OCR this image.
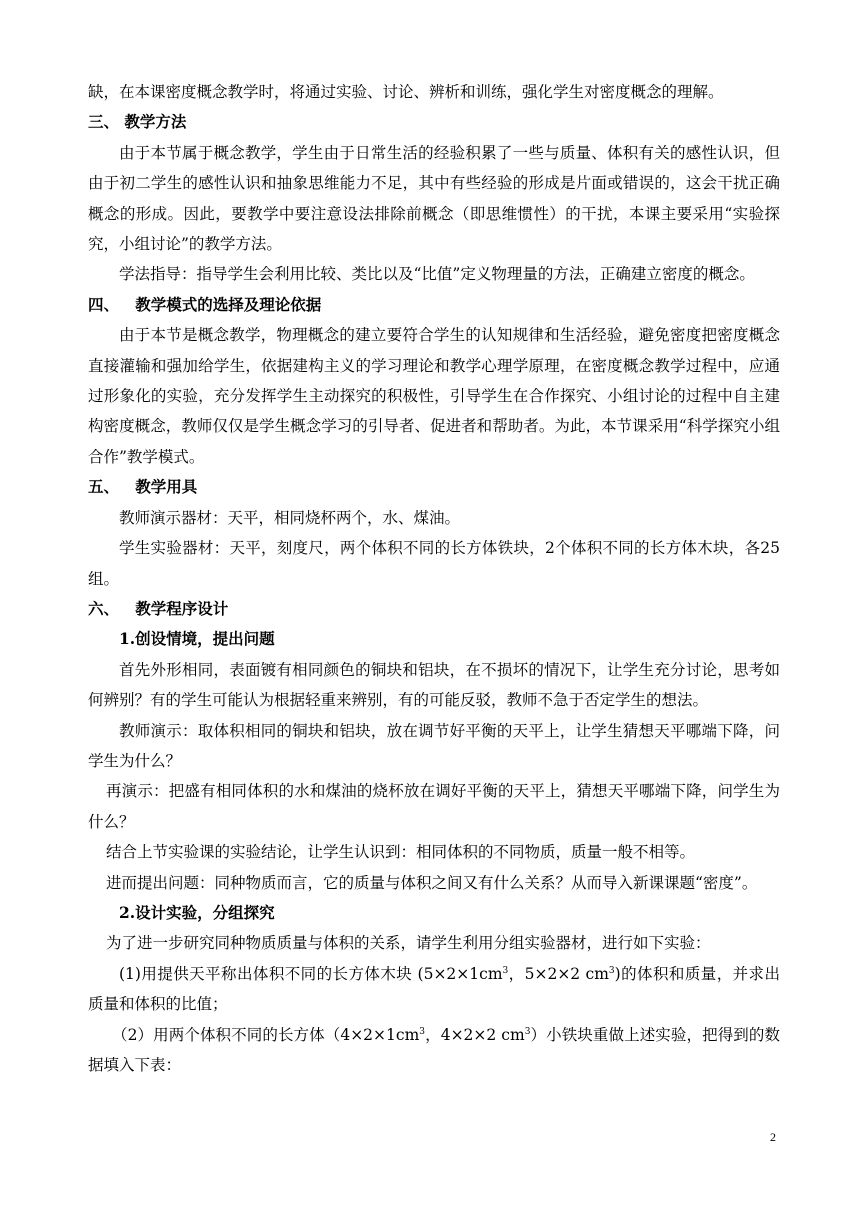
缺，在本课密度概念教学时，将通过实验、讨论、辨析和训练，强化学生对密度概念的理解。

三、 教学方法

由于本节属于概念教学，学生由于日常生活的经验积累了一些与质量、体积有关的感性认识，但由于初二学生的感性认识和抽象思维能力不足，其中有些经验的形成是片面或错误的，这会干扰正确概念的形成。因此，要教学中要注意设法排除前概念（即思维惯性）的干扰，本课主要采用“实验探究，小组讨论”的教学方法。

学法指导：指导学生会利用比较、类比以及“比值”定义物理量的方法，正确建立密度的概念。

四、   教学模式的选择及理论依据

由于本节是概念教学，物理概念的建立要符合学生的认知规律和生活经验，避免密度把密度概念直接灌输和强加给学生，依据建构主义的学习理论和教学心理学原理，在密度概念教学过程中，应通过形象化的实验，充分发挥学生主动探究的积极性，引导学生在合作探究、小组讨论的过程中自主建构密度概念，教师仅仅是学生概念学习的引导者、促进者和帮助者。为此，本节课采用“科学探究小组合作”教学模式。

五、   教学用具

教师演示器材：天平，相同烧杯两个，水、煤油。

学生实验器材：天平，刻度尺，两个体积不同的长方体铁块，2个体积不同的长方体木块，各25组。

六、   教学程序设计

1.创设情境，提出问题

首先外形相同，表面镀有相同颜色的铜块和铝块，在不损坏的情况下，让学生充分讨论，思考如何辨别？有的学生可能认为根据轻重来辨别，有的可能反驳，教师不急于否定学生的想法。

教师演示：取体积相同的铜块和铝块，放在调节好平衡的天平上，让学生猜想天平哪端下降，问学生为什么？

再演示：把盛有相同体积的水和煤油的烧杯放在调好平衡的天平上，猜想天平哪端下降，问学生为什么？

结合上节实验课的实验结论，让学生认识到：相同体积的不同物质，质量一般不相等。

进而提出问题：同种物质而言，它的质量与体积之间又有什么关系？从而导入新课课题“密度”。

2.设计实验，分组探究

为了进一步研究同种物质质量与体积的关系，请学生利用分组实验器材，进行如下实验：

(1)用提供天平称出体积不同的长方体木块 ($5\times 2\times 1cm^3$，5×2×2 $cm^3$)的体积和质量，并求出质量和体积的比值；

（2）用两个体积不同的长方体（$4\times 2\times 1cm^3$，4×2×2 $cm^3$）小铁块重做上述实验，把得到的数据填入下表：

2
